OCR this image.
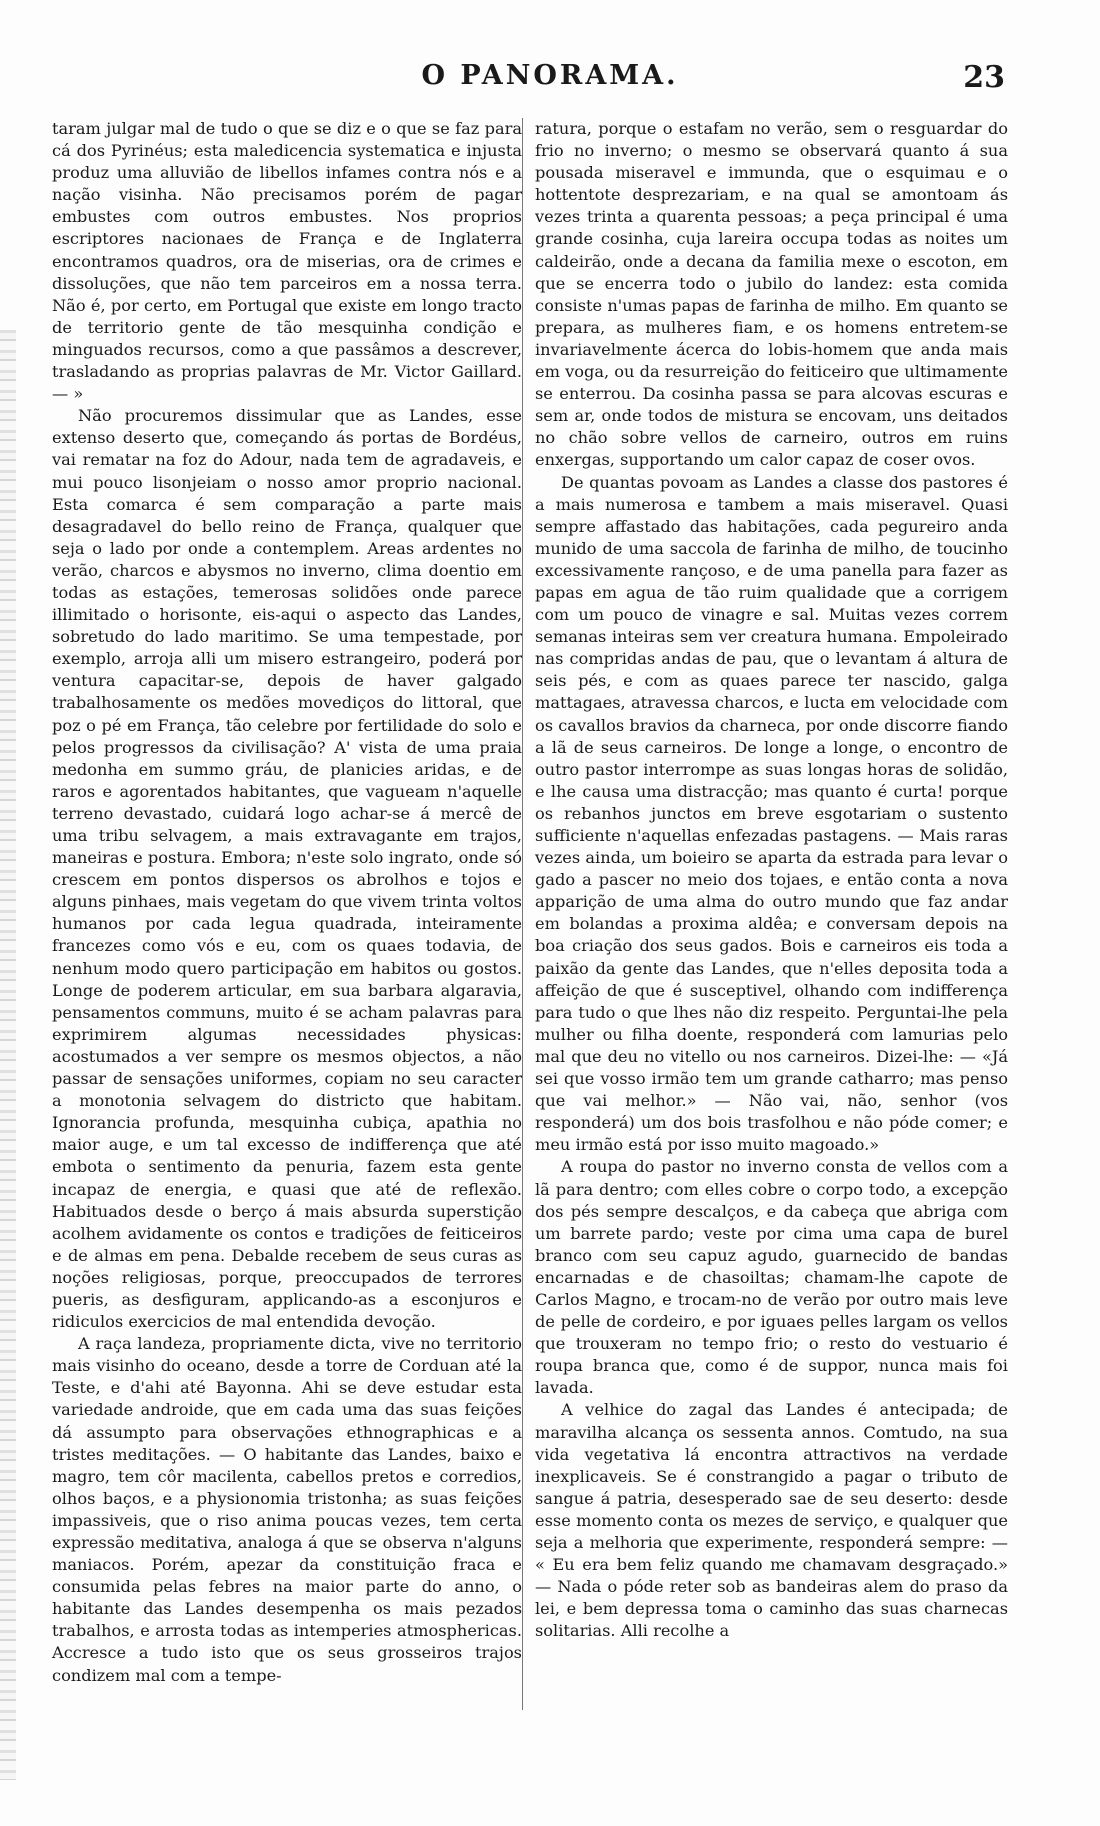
O PANORAMA.	23

taram julgar mal de tudo o que se diz e o que se faz para cá dos Pyrinéus; esta maledicencia systematica e injusta produz uma alluvião de libellos infames contra nós e a nação visinha. Não precisamos porém de pagar embustes com outros embustes. Nos proprios escriptores nacionaes de França e de Inglaterra encontramos quadros, ora de miserias, ora de crimes e dissoluções, que não tem parceiros em a nossa terra. Não é, por certo, em Portugal que existe em longo tracto de territorio gente de tão mesquinha condição e minguados recursos, como a que passâmos a descrever, trasladando as proprias palavras de Mr. Victor Gaillard. — »

Não procuremos dissimular que as Landes, esse extenso deserto que, começando ás portas de Bordéus, vai rematar na foz do Adour, nada tem de agradaveis, e mui pouco lisonjeiam o nosso amor proprio nacional. Esta comarca é sem comparação a parte mais desagradavel do bello reino de França, qualquer que seja o lado por onde a contemplem. Areas ardentes no verão, charcos e abysmos no inverno, clima doentio em todas as estações, temerosas solidões onde parece illimitado o horisonte, eis-aqui o aspecto das Landes, sobretudo do lado maritimo. Se uma tempestade, por exemplo, arroja alli um misero estrangeiro, poderá por ventura capacitar-se, depois de haver galgado trabalhosamente os medões movediços do littoral, que poz o pé em França, tão celebre por fertilidade do solo e pelos progressos da civilisação? A' vista de uma praia medonha em summo gráu, de planicies aridas, e de raros e agorentados habitantes, que vagueam n'aquelle terreno devastado, cuidará logo achar-se á mercê de uma tribu selvagem, a mais extravagante em trajos, maneiras e postura. Embora; n'este solo ingrato, onde só crescem em pontos dispersos os abrolhos e tojos e alguns pinhaes, mais vegetam do que vivem trinta voltos humanos por cada legua quadrada, inteiramente francezes como vós e eu, com os quaes todavia, de nenhum modo quero participação em habitos ou gostos. Longe de poderem articular, em sua barbara algaravia, pensamentos communs, muito é se acham palavras para exprimirem algumas necessidades physicas: acostumados a ver sempre os mesmos objectos, a não passar de sensações uniformes, copiam no seu caracter a monotonia selvagem do districto que habitam. Ignorancia profunda, mesquinha cubiça, apathia no maior auge, e um tal excesso de indifferença que até embota o sentimento da penuria, fazem esta gente incapaz de energia, e quasi que até de reflexão. Habituados desde o berço á mais absurda superstição acolhem avidamente os contos e tradições de feiticeiros e de almas em pena. Debalde recebem de seus curas as noções religiosas, porque, preoccupados de terrores pueris, as desfiguram, applicando-as a esconjuros e ridiculos exercicios de mal entendida devoção.

A raça landeza, propriamente dicta, vive no territorio mais visinho do oceano, desde a torre de Corduan até la Teste, e d'ahi até Bayonna. Ahi se deve estudar esta variedade androide, que em cada uma das suas feições dá assumpto para observações ethnographicas e a tristes meditações. — O habitante das Landes, baixo e magro, tem côr macilenta, cabellos pretos e corredios, olhos baços, e a physionomia tristonha; as suas feições impassiveis, que o riso anima poucas vezes, tem certa expressão meditativa, analoga á que se observa n'alguns maniacos. Porém, apezar da constituição fraca e consumida pelas febres na maior parte do anno, o habitante das Landes desempenha os mais pezados trabalhos, e arrosta todas as intemperies atmosphericas. Accresce a tudo isto que os seus grosseiros trajos condizem mal com a tempe-

ratura, porque o estafam no verão, sem o resguardar do frio no inverno; o mesmo se observará quanto á sua pousada miseravel e immunda, que o esquimau e o hottentote desprezariam, e na qual se amontoam ás vezes trinta a quarenta pessoas; a peça principal é uma grande cosinha, cuja lareira occupa todas as noites um caldeirão, onde a decana da familia mexe o escoton, em que se encerra todo o jubilo do landez: esta comida consiste n'umas papas de farinha de milho. Em quanto se prepara, as mulheres fiam, e os homens entretem-se invariavelmente ácerca do lobis-homem que anda mais em voga, ou da resurreição do feiticeiro que ultimamente se enterrou. Da cosinha passa se para alcovas escuras e sem ar, onde todos de mistura se encovam, uns deitados no chão sobre vellos de carneiro, outros em ruins enxergas, supportando um calor capaz de coser ovos.

De quantas povoam as Landes a classe dos pastores é a mais numerosa e tambem a mais miseravel. Quasi sempre affastado das habitações, cada pegureiro anda munido de uma saccola de farinha de milho, de toucinho excessivamente rançoso, e de uma panella para fazer as papas em agua de tão ruim qualidade que a corrigem com um pouco de vinagre e sal. Muitas vezes correm semanas inteiras sem ver creatura humana. Empoleirado nas compridas andas de pau, que o levantam á altura de seis pés, e com as quaes parece ter nascido, galga mattagaes, atravessa charcos, e lucta em velocidade com os cavallos bravios da charneca, por onde discorre fiando a lã de seus carneiros. De longe a longe, o encontro de outro pastor interrompe as suas longas horas de solidão, e lhe causa uma distracção; mas quanto é curta! porque os rebanhos junctos em breve esgotariam o sustento sufficiente n'aquellas enfezadas pastagens. — Mais raras vezes ainda, um boieiro se aparta da estrada para levar o gado a pascer no meio dos tojaes, e então conta a nova apparição de uma alma do outro mundo que faz andar em bolandas a proxima aldêa; e conversam depois na boa criação dos seus gados. Bois e carneiros eis toda a paixão da gente das Landes, que n'elles deposita toda a affeição de que é susceptivel, olhando com indifferença para tudo o que lhes não diz respeito. Perguntai-lhe pela mulher ou filha doente, responderá com lamurias pelo mal que deu no vitello ou nos carneiros. Dizei-lhe: — «Já sei que vosso irmão tem um grande catharro; mas penso que vai melhor.» — Não vai, não, senhor (vos responderá) um dos bois trasfolhou e não póde comer; e meu irmão está por isso muito magoado.»

A roupa do pastor no inverno consta de vellos com a lã para dentro; com elles cobre o corpo todo, a excepção dos pés sempre descalços, e da cabeça que abriga com um barrete pardo; veste por cima uma capa de burel branco com seu capuz agudo, guarnecido de bandas encarnadas e de chasoiltas; chamam-lhe capote de Carlos Magno, e trocam-no de verão por outro mais leve de pelle de cordeiro, e por iguaes pelles largam os vellos que trouxeram no tempo frio; o resto do vestuario é roupa branca que, como é de suppor, nunca mais foi lavada.

A velhice do zagal das Landes é antecipada; de maravilha alcança os sessenta annos. Comtudo, na sua vida vegetativa lá encontra attractivos na verdade inexplicaveis. Se é constrangido a pagar o tributo de sangue á patria, desesperado sae de seu deserto: desde esse momento conta os mezes de serviço, e qualquer que seja a melhoria que experimente, responderá sempre: — « Eu era bem feliz quando me chamavam desgraçado.» — Nada o póde reter sob as bandeiras alem do praso da lei, e bem depressa toma o caminho das suas charnecas solitarias. Alli recolhe a
